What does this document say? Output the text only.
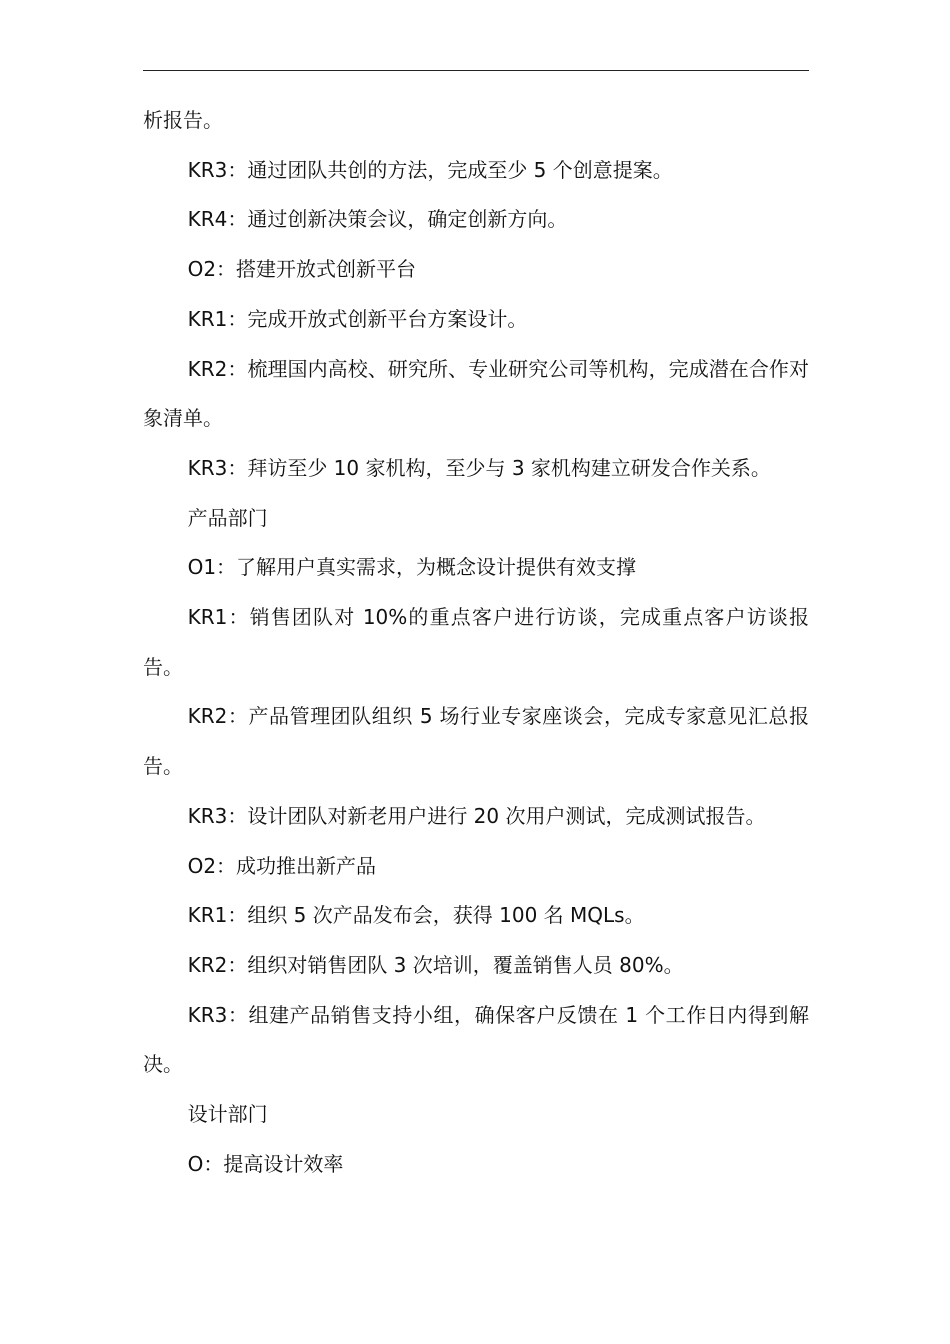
析报告。

KR3：通过团队共创的方法，完成至少 5 个创意提案。

KR4：通过创新决策会议，确定创新方向。

O2：搭建开放式创新平台

KR1：完成开放式创新平台方案设计。

KR2：梳理国内高校、研究所、专业研究公司等机构，完成潜在合作对象清单。

KR3：拜访至少 10 家机构，至少与 3 家机构建立研发合作关系。

产品部门

O1：了解用户真实需求，为概念设计提供有效支撑

KR1：销售团队对 10%的重点客户进行访谈，完成重点客户访谈报告。

KR2：产品管理团队组织 5 场行业专家座谈会，完成专家意见汇总报告。

KR3：设计团队对新老用户进行 20 次用户测试，完成测试报告。

O2：成功推出新产品

KR1：组织 5 次产品发布会，获得 100 名 MQLs。

KR2：组织对销售团队 3 次培训，覆盖销售人员 80%。

KR3：组建产品销售支持小组，确保客户反馈在 1 个工作日内得到解决。

设计部门

O：提高设计效率
